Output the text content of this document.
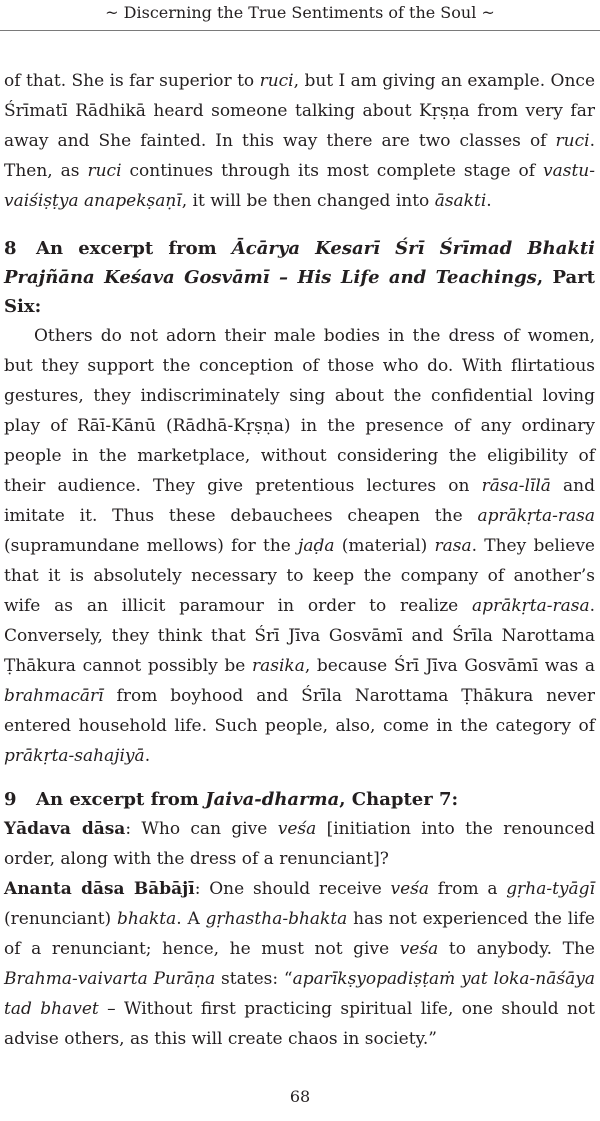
~ Discerning the True Sentiments of the Soul ~

of that. She is far superior to ruci, but I am giving an example. Once Śrīmatī Rādhikā heard someone talking about Kṛṣṇa from very far away and She fainted. In this way there are two classes of ruci. Then, as ruci continues through its most complete stage of vastu-vaiśiṣṭya anapekṣaṇī, it will be then changed into āsakti.

8 An excerpt from Ācārya Kesarī Śrī Śrīmad Bhakti Prajñāna Keśava Gosvāmī – His Life and Teachings, Part Six:

Others do not adorn their male bodies in the dress of women, but they support the conception of those who do. With flirtatious gestures, they indiscriminately sing about the confidential loving play of Rāī-Kānū (Rādhā-Kṛṣṇa) in the presence of any ordinary people in the marketplace, without considering the eligibility of their audience. They give pretentious lectures on rāsa-līlā and imitate it. Thus these debauchees cheapen the aprākṛta-rasa (supramundane mellows) for the jaḍa (material) rasa. They believe that it is absolutely necessary to keep the company of another’s wife as an illicit paramour in order to realize aprākṛta-rasa. Conversely, they think that Śrī Jīva Gosvāmī and Śrīla Narottama Ṭhākura cannot possibly be rasika, because Śrī Jīva Gosvāmī was a brahmacārī from boyhood and Śrīla Narottama Ṭhākura never entered household life. Such people, also, come in the category of prākṛta-sahajiyā.

9 An excerpt from Jaiva-dharma, Chapter 7:

Yādava dāsa: Who can give veśa [initiation into the renounced order, along with the dress of a renunciant]?

Ananta dāsa Bābājī: One should receive veśa from a gṛha-tyāgī (renunciant) bhakta. A gṛhastha-bhakta has not experienced the life of a renunciant; hence, he must not give veśa to anybody. The Brahma-vaivarta Purāṇa states: “aparīkṣyopadiṣṭaṁ yat loka-nāśāya tad bhavet – Without first practicing spiritual life, one should not advise others, as this will create chaos in society.”

68
